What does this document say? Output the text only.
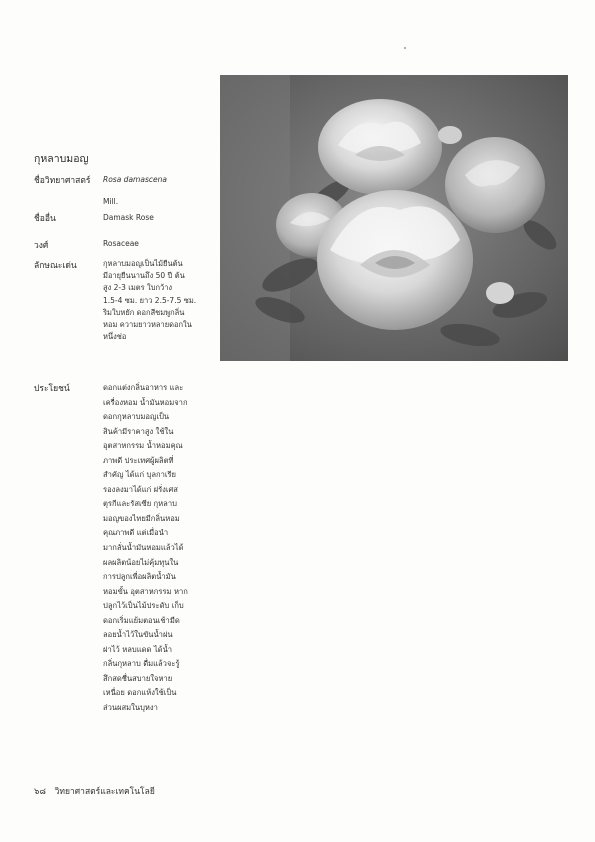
กุหลาบมอญ
ชื่อวิทยาศาสตร์ Rosa damascena
Mill.
ชื่ออื่น	Damask Rose
วงศ์	Rosaceae
ลักษณะเด่น	กุหลาบมอญเป็นไม้ยืนต้น
มีอายุยืนนานถึง 50 ปี ต้น
สูง 2-3 เมตร ใบกว้าง
1.5-4 ซม. ยาว 2.5-7.5 ซม.
ริมใบหยัก ดอกสีชมพูกลิ่น
หอม ความยาวหลายดอกใน
หนึ่งช่อ
ประโยชน์	ดอกแต่งกลิ่นอาหาร และ
เครื่องหอม น้ำมันหอมจาก
ดอกกุหลาบมอญเป็น
สินค้ามีราคาสูง ใช้ใน
อุตสาหกรรม น้ำหอมคุณ
ภาพดี ประเทศผู้ผลิตที่
สำคัญ ได้แก่ บุลกาเรีย
รองลงมาได้แก่ ฝรั่งเศส
ตุรกีและรัสเซีย กุหลาบ
มอญของไทยมีกลิ่นหอม
คุณภาพดี แต่เมื่อนำ
มากลั่นน้ำมันหอมแล้วได้
ผลผลิตน้อยไม่คุ้มทุนใน
การปลูกเพื่อผลิตน้ำมัน
หอมขั้น อุตสาหกรรม หาก
ปลูกไว้เป็นไม้ประดับ เก็บ
ดอกเริ่มแย้มตอนเช้ามืด
ลอยน้ำไว้ในขันน้ำฝน
ฝาไว้ หลบแดด ได้น้ำ
กลิ่นกุหลาบ ดื่มแล้วจะรู้
สึกสดชื่นสบายใจหาย
เหนื่อย ดอกแห้งใช้เป็น
ส่วนผสมในบุหงา
๖๘ วิทยาศาสตร์และเทคโนโลยี
